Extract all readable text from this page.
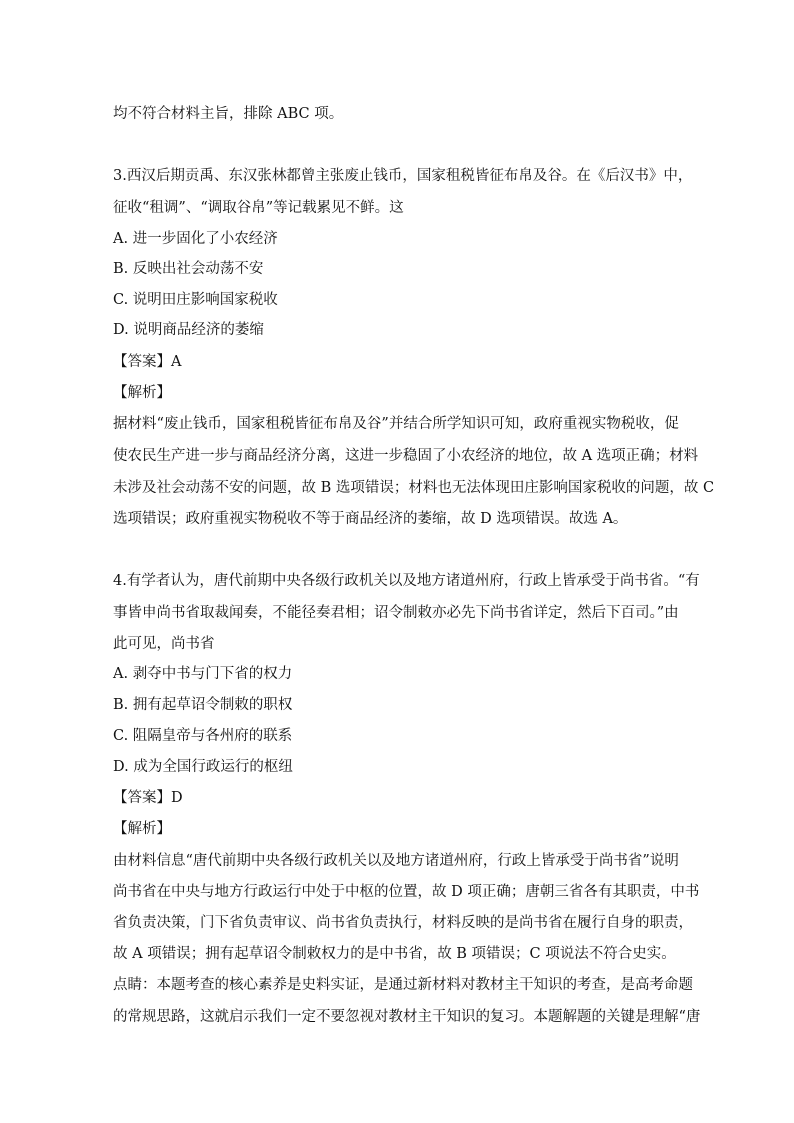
均不符合材料主旨，排除 ABC 项。
3.西汉后期贡禹、东汉张林都曾主张废止钱币，国家租税皆征布帛及谷。在《后汉书》中，
征收“租调”、“调取谷帛”等记载累见不鲜。这
A. 进一步固化了小农经济
B. 反映出社会动荡不安
C. 说明田庄影响国家税收
D. 说明商品经济的萎缩
【答案】A
【解析】
据材料“废止钱币，国家租税皆征布帛及谷”并结合所学知识可知，政府重视实物税收，促
使农民生产进一步与商品经济分离，这进一步稳固了小农经济的地位，故 A 选项正确；材料
未涉及社会动荡不安的问题，故 B 选项错误；材料也无法体现田庄影响国家税收的问题，故 C
选项错误；政府重视实物税收不等于商品经济的萎缩，故 D 选项错误。故选 A。
4.有学者认为，唐代前期中央各级行政机关以及地方诸道州府，行政上皆承受于尚书省。“有
事皆申尚书省取裁闻奏，不能径奏君相；诏令制敕亦必先下尚书省详定，然后下百司。”由
此可见，尚书省
A. 剥夺中书与门下省的权力
B. 拥有起草诏令制敕的职权
C. 阻隔皇帝与各州府的联系
D. 成为全国行政运行的枢纽
【答案】D
【解析】
由材料信息“唐代前期中央各级行政机关以及地方诸道州府，行政上皆承受于尚书省”说明
尚书省在中央与地方行政运行中处于中枢的位置，故 D 项正确；唐朝三省各有其职责，中书
省负责决策，门下省负责审议、尚书省负责执行，材料反映的是尚书省在履行自身的职责，
故 A 项错误；拥有起草诏令制敕权力的是中书省，故 B 项错误；C 项说法不符合史实。
点睛：本题考查的核心素养是史料实证，是通过新材料对教材主干知识的考查，是高考命题
的常规思路，这就启示我们一定不要忽视对教材主干知识的复习。本题解题的关键是理解“唐
